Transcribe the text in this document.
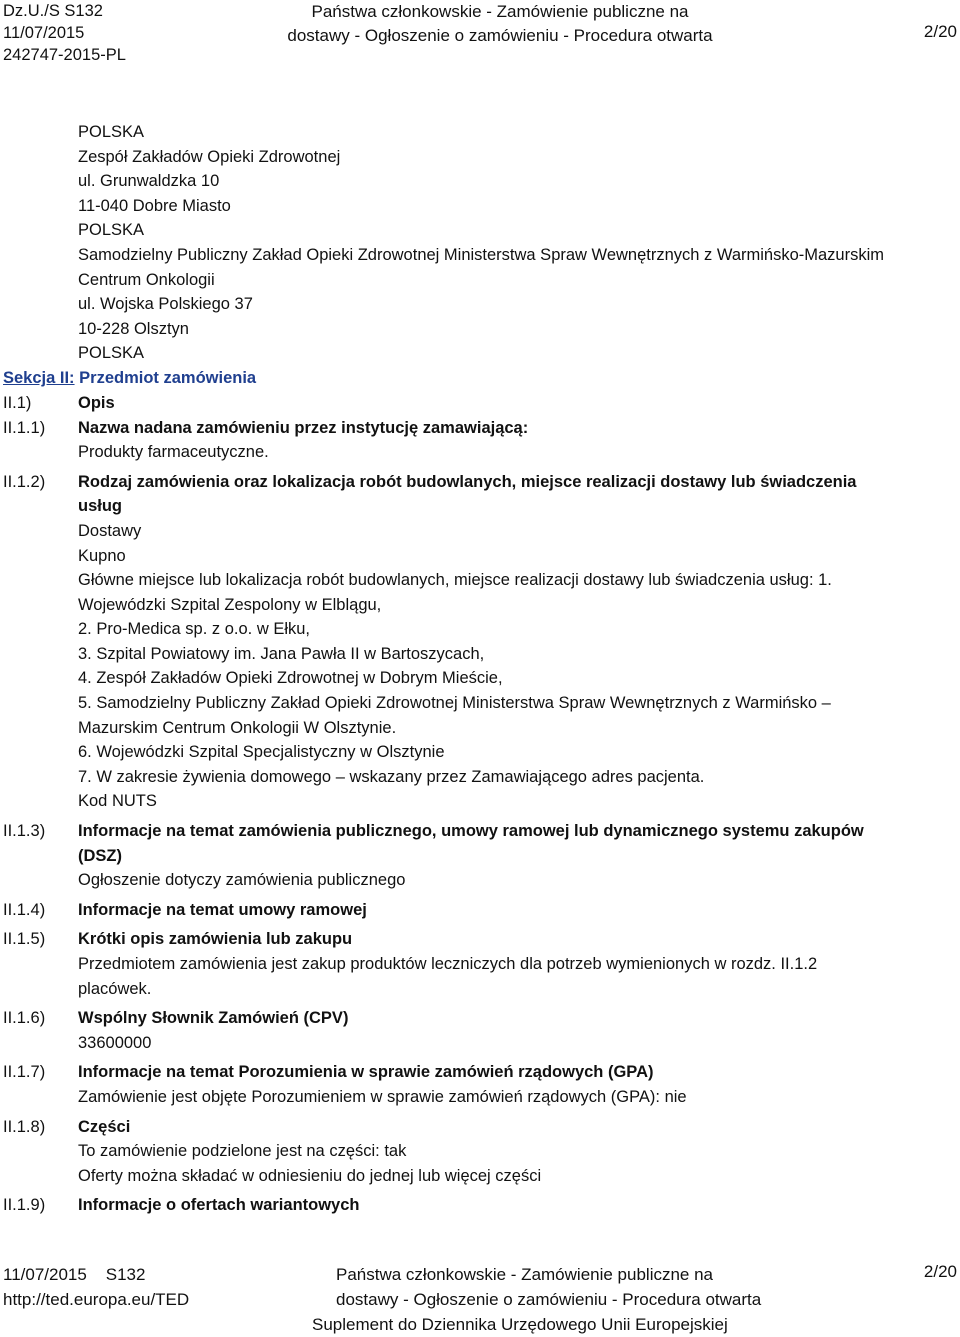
Dz.U./S S132
11/07/2015
242747-2015-PL
Państwa członkowskie - Zamówienie publiczne na
dostawy - Ogłoszenie o zamówieniu - Procedura otwarta	2/20
POLSKA
Zespół Zakładów Opieki Zdrowotnej
ul. Grunwaldzka 10
11-040 Dobre Miasto
POLSKA
Samodzielny Publiczny Zakład Opieki Zdrowotnej Ministerstwa Spraw Wewnętrznych z Warmińsko-Mazurskim
Centrum Onkologii
ul. Wojska Polskiego 37
10-228 Olsztyn
POLSKA
Sekcja II: Przedmiot zamówienia
II.1)	Opis
II.1.1)	Nazwa nadana zamówieniu przez instytucję zamawiającą:
Produkty farmaceutyczne.
II.1.2)	Rodzaj zamówienia oraz lokalizacja robót budowlanych, miejsce realizacji dostawy lub świadczenia
usług
Dostawy
Kupno
Główne miejsce lub lokalizacja robót budowlanych, miejsce realizacji dostawy lub świadczenia usług: 1.
Wojewódzki Szpital Zespolony w Elblągu,
2. Pro-Medica sp. z o.o. w Ełku,
3. Szpital Powiatowy im. Jana Pawła II w Bartoszycach,
4. Zespół Zakładów Opieki Zdrowotnej w Dobrym Mieście,
5. Samodzielny Publiczny Zakład Opieki Zdrowotnej Ministerstwa Spraw Wewnętrznych z Warmińsko –
Mazurskim Centrum Onkologii W Olsztynie.
6. Wojewódzki Szpital Specjalistyczny w Olsztynie
7. W zakresie żywienia domowego – wskazany przez Zamawiającego adres pacjenta.
Kod NUTS
II.1.3)	Informacje na temat zamówienia publicznego, umowy ramowej lub dynamicznego systemu zakupów
(DSZ)
Ogłoszenie dotyczy zamówienia publicznego
II.1.4)	Informacje na temat umowy ramowej
II.1.5)	Krótki opis zamówienia lub zakupu
Przedmiotem zamówienia jest zakup produktów leczniczych dla potrzeb wymienionych w rozdz. II.1.2
placówek.
II.1.6)	Wspólny Słownik Zamówień (CPV)
33600000
II.1.7)	Informacje na temat Porozumienia w sprawie zamówień rządowych (GPA)
Zamówienie jest objęte Porozumieniem w sprawie zamówień rządowych (GPA): nie
II.1.8)	Części
To zamówienie podzielone jest na części: tak
Oferty można składać w odniesieniu do jednej lub więcej części
II.1.9)	Informacje o ofertach wariantowych
11/07/2015 S132
http://ted.europa.eu/TED
Państwa członkowskie - Zamówienie publiczne na
dostawy - Ogłoszenie o zamówieniu - Procedura otwarta
Suplement do Dziennika Urzędowego Unii Europejskiej
2/20
